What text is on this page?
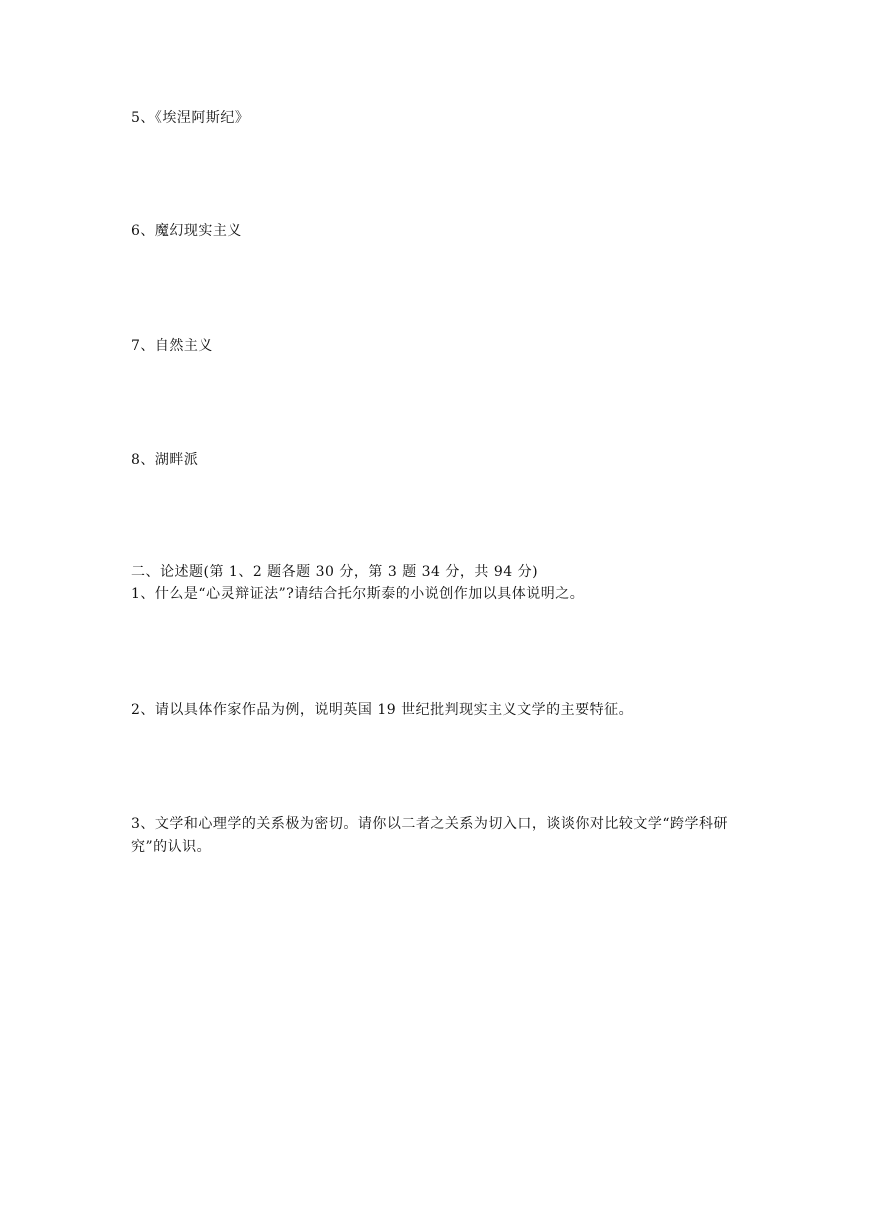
5、《埃涅阿斯纪》
6、魔幻现实主义
7、自然主义
8、湖畔派
二、论述题(第 1、2 题各题 30 分，第 3 题 34 分，共 94 分)
1、什么是“心灵辩证法”?请结合托尔斯泰的小说创作加以具体说明之。
2、请以具体作家作品为例，说明英国 19 世纪批判现实主义文学的主要特征。
3、文学和心理学的关系极为密切。请你以二者之关系为切入口，谈谈你对比较文学“跨学科研究”的认识。
